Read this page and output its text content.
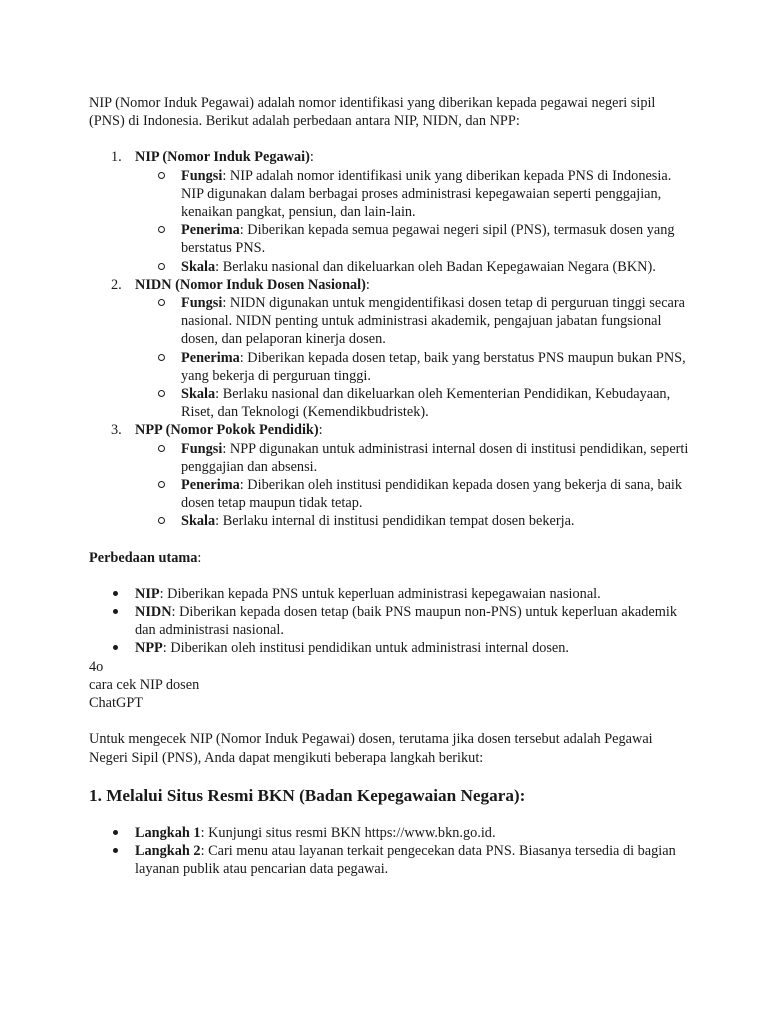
NIP (Nomor Induk Pegawai) adalah nomor identifikasi yang diberikan kepada pegawai negeri sipil (PNS) di Indonesia. Berikut adalah perbedaan antara NIP, NIDN, dan NPP:

1. NIP (Nomor Induk Pegawai):
Fungsi: NIP adalah nomor identifikasi unik yang diberikan kepada PNS di Indonesia. NIP digunakan dalam berbagai proses administrasi kepegawaian seperti penggajian, kenaikan pangkat, pensiun, dan lain-lain.
Penerima: Diberikan kepada semua pegawai negeri sipil (PNS), termasuk dosen yang berstatus PNS.
Skala: Berlaku nasional dan dikeluarkan oleh Badan Kepegawaian Negara (BKN).
2. NIDN (Nomor Induk Dosen Nasional):
Fungsi: NIDN digunakan untuk mengidentifikasi dosen tetap di perguruan tinggi secara nasional. NIDN penting untuk administrasi akademik, pengajuan jabatan fungsional dosen, dan pelaporan kinerja dosen.
Penerima: Diberikan kepada dosen tetap, baik yang berstatus PNS maupun bukan PNS, yang bekerja di perguruan tinggi.
Skala: Berlaku nasional dan dikeluarkan oleh Kementerian Pendidikan, Kebudayaan, Riset, dan Teknologi (Kemendikbudristek).
3. NPP (Nomor Pokok Pendidik):
Fungsi: NPP digunakan untuk administrasi internal dosen di institusi pendidikan, seperti penggajian dan absensi.
Penerima: Diberikan oleh institusi pendidikan kepada dosen yang bekerja di sana, baik dosen tetap maupun tidak tetap.
Skala: Berlaku internal di institusi pendidikan tempat dosen bekerja.

Perbedaan utama:

NIP: Diberikan kepada PNS untuk keperluan administrasi kepegawaian nasional.
NIDN: Diberikan kepada dosen tetap (baik PNS maupun non-PNS) untuk keperluan akademik dan administrasi nasional.
NPP: Diberikan oleh institusi pendidikan untuk administrasi internal dosen.

4o

cara cek NIP dosen

ChatGPT

Untuk mengecek NIP (Nomor Induk Pegawai) dosen, terutama jika dosen tersebut adalah Pegawai Negeri Sipil (PNS), Anda dapat mengikuti beberapa langkah berikut:

1. Melalui Situs Resmi BKN (Badan Kepegawaian Negara):
Langkah 1: Kunjungi situs resmi BKN https://www.bkn.go.id.
Langkah 2: Cari menu atau layanan terkait pengecekan data PNS. Biasanya tersedia di bagian layanan publik atau pencarian data pegawai.
